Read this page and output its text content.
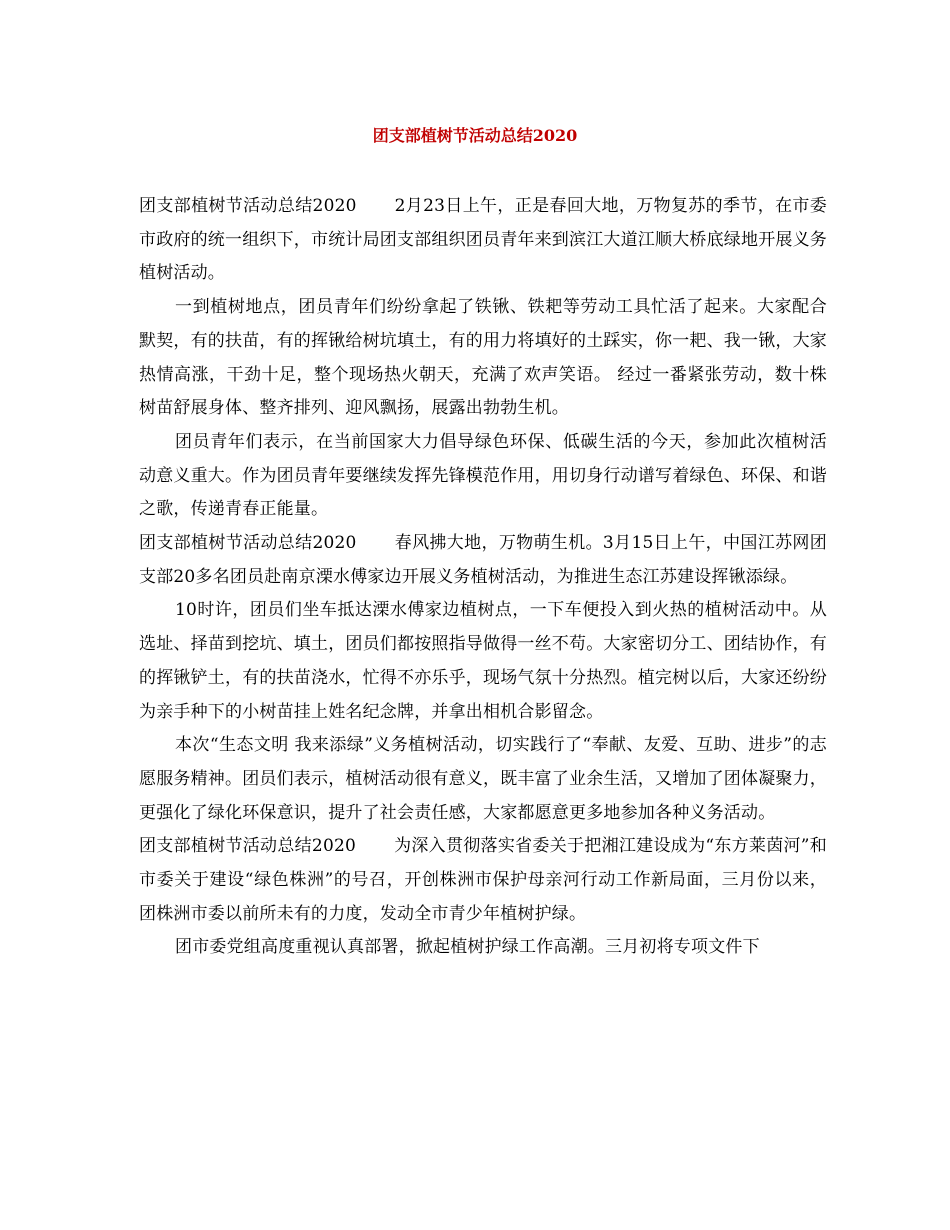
团支部植树节活动总结2020

团支部植树节活动总结2020 2月23日上午，正是春回大地，万物复苏的季节，在市委市政府的统一组织下，市统计局团支部组织团员青年来到滨江大道江顺大桥底绿地开展义务植树活动。

一到植树地点，团员青年们纷纷拿起了铁锹、铁耙等劳动工具忙活了起来。大家配合默契，有的扶苗，有的挥锹给树坑填土，有的用力将填好的土踩实，你一耙、我一锹，大家热情高涨，干劲十足，整个现场热火朝天，充满了欢声笑语。 经过一番紧张劳动，数十株树苗舒展身体、整齐排列、迎风飘扬，展露出勃勃生机。

团员青年们表示，在当前国家大力倡导绿色环保、低碳生活的今天，参加此次植树活动意义重大。作为团员青年要继续发挥先锋模范作用，用切身行动谱写着绿色、环保、和谐之歌，传递青春正能量。

团支部植树节活动总结2020 春风拂大地，万物萌生机。3月15日上午，中国江苏网团支部20多名团员赴南京溧水傅家边开展义务植树活动，为推进生态江苏建设挥锹添绿。

10时许，团员们坐车抵达溧水傅家边植树点，一下车便投入到火热的植树活动中。从选址、择苗到挖坑、填土，团员们都按照指导做得一丝不苟。大家密切分工、团结协作，有的挥锹铲土，有的扶苗浇水，忙得不亦乐乎，现场气氛十分热烈。植完树以后，大家还纷纷为亲手种下的小树苗挂上姓名纪念牌，并拿出相机合影留念。

本次“生态文明 我来添绿”义务植树活动，切实践行了“奉献、友爱、互助、进步”的志愿服务精神。团员们表示，植树活动很有意义，既丰富了业余生活，又增加了团体凝聚力，更强化了绿化环保意识，提升了社会责任感，大家都愿意更多地参加各种义务活动。

团支部植树节活动总结2020 为深入贯彻落实省委关于把湘江建设成为“东方莱茵河”和市委关于建设“绿色株洲”的号召，开创株洲市保护母亲河行动工作新局面，三月份以来，团株洲市委以前所未有的力度，发动全市青少年植树护绿。

团市委党组高度重视认真部署，掀起植树护绿工作高潮。三月初将专项文件下
